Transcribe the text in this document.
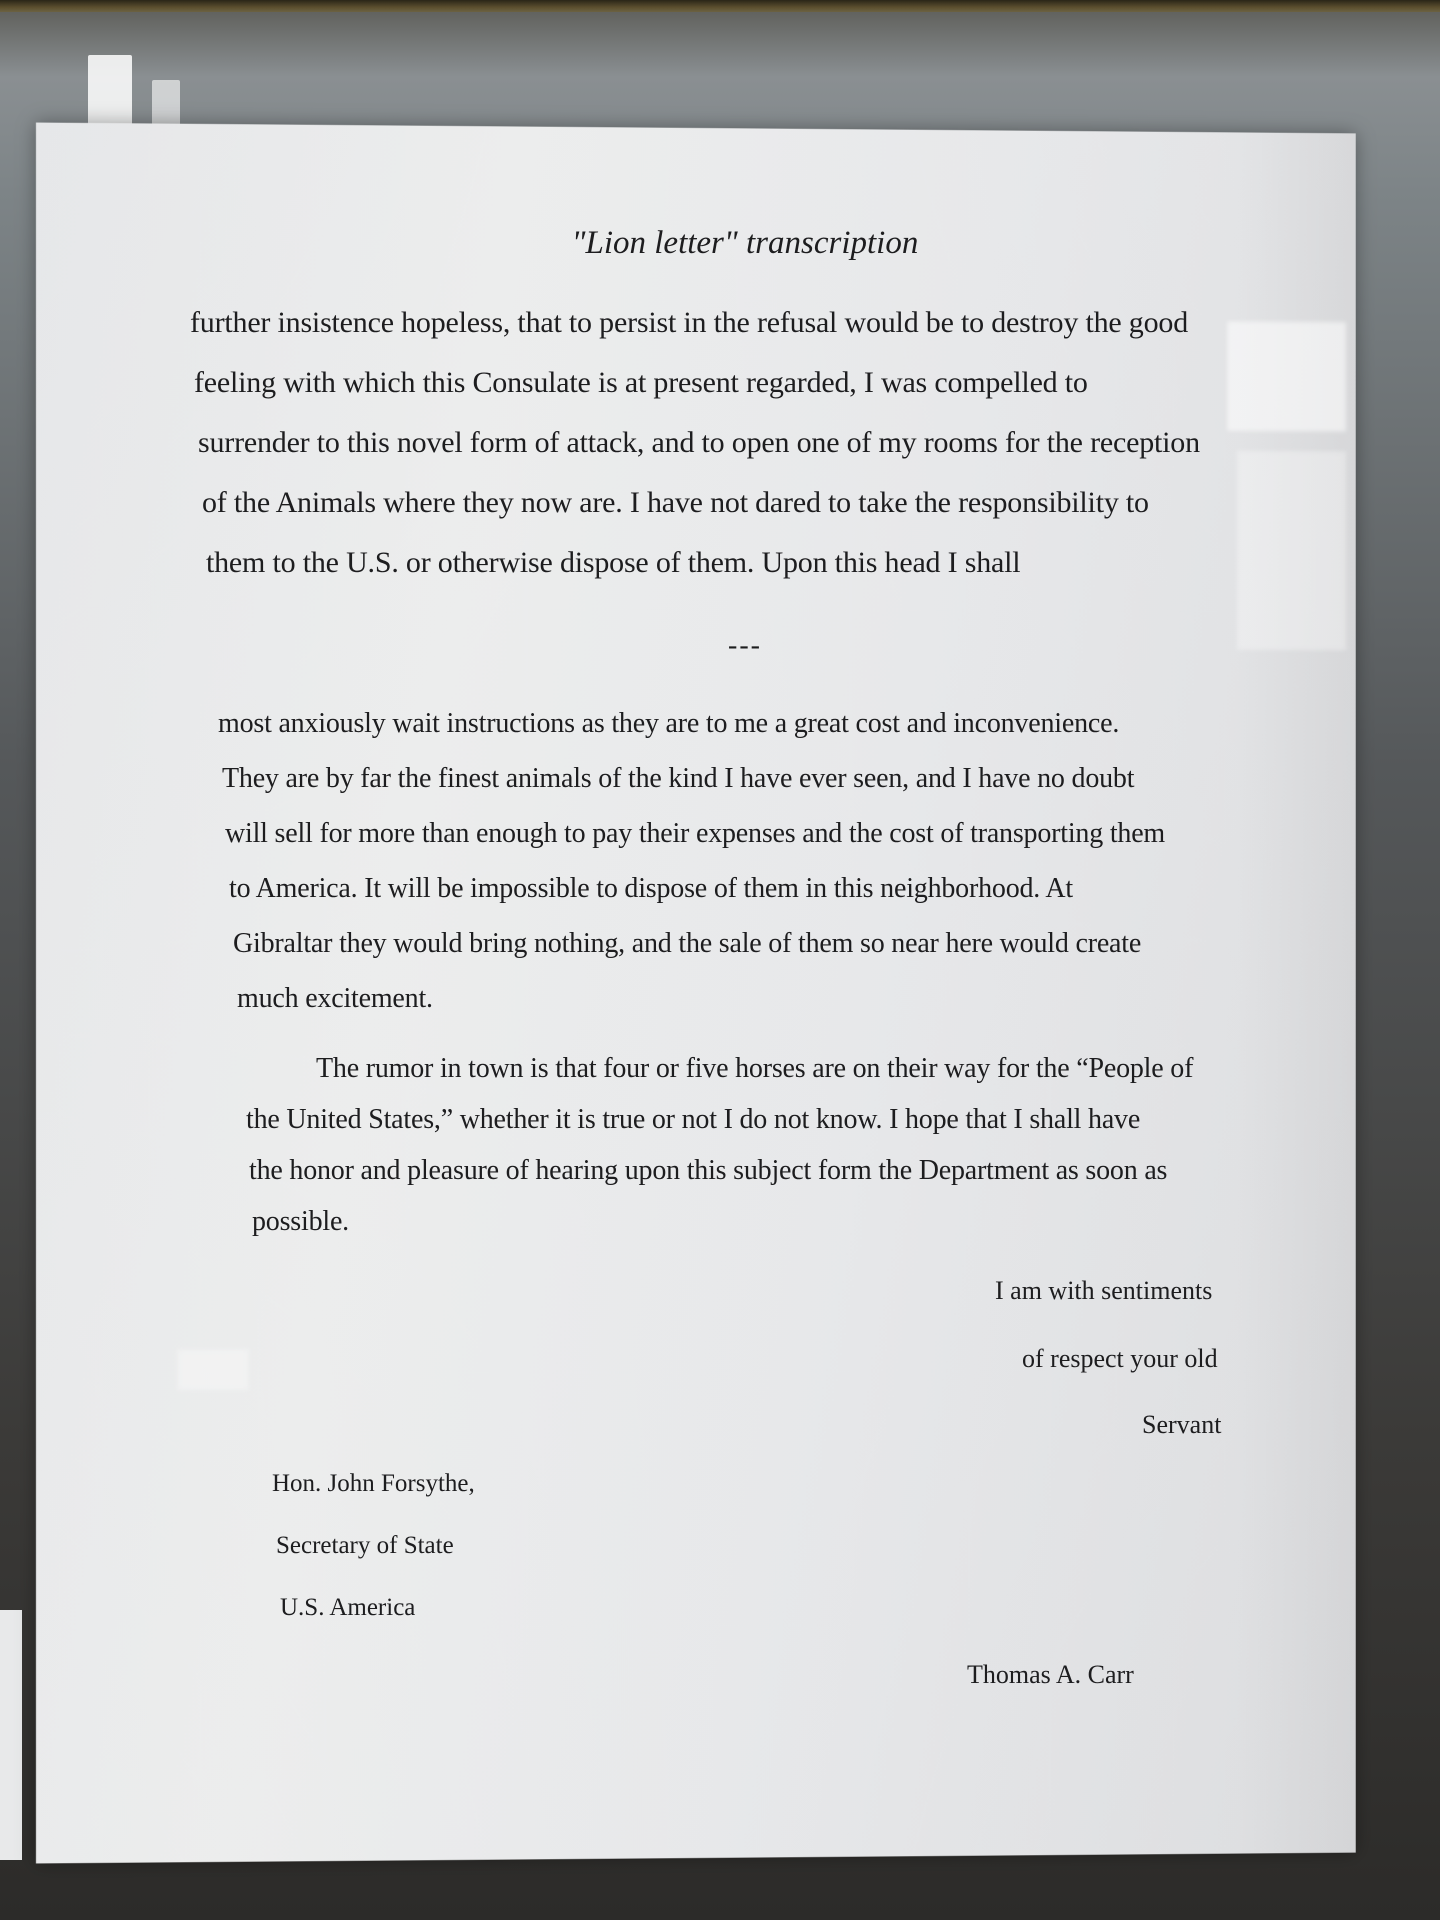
"Lion letter" transcription
further insistence hopeless, that to persist in the refusal would be to destroy the good
feeling with which this Consulate is at present regarded, I was compelled to
surrender to this novel form of attack, and to open one of my rooms for the reception
of the Animals where they now are. I have not dared to take the responsibility to
them to the U.S. or otherwise dispose of them. Upon this head I shall
---
most anxiously wait instructions as they are to me a great cost and inconvenience.
They are by far the finest animals of the kind I have ever seen, and I have no doubt
will sell for more than enough to pay their expenses and the cost of transporting them
to America. It will be impossible to dispose of them in this neighborhood. At
Gibraltar they would bring nothing, and the sale of them so near here would create
much excitement.
The rumor in town is that four or five horses are on their way for the “People of
the United States,” whether it is true or not I do not know. I hope that I shall have
the honor and pleasure of hearing upon this subject form the Department as soon as
possible.
I am with sentiments
of respect your old
Servant
Hon. John Forsythe,
Secretary of State
U.S. America
Thomas A. Carr
